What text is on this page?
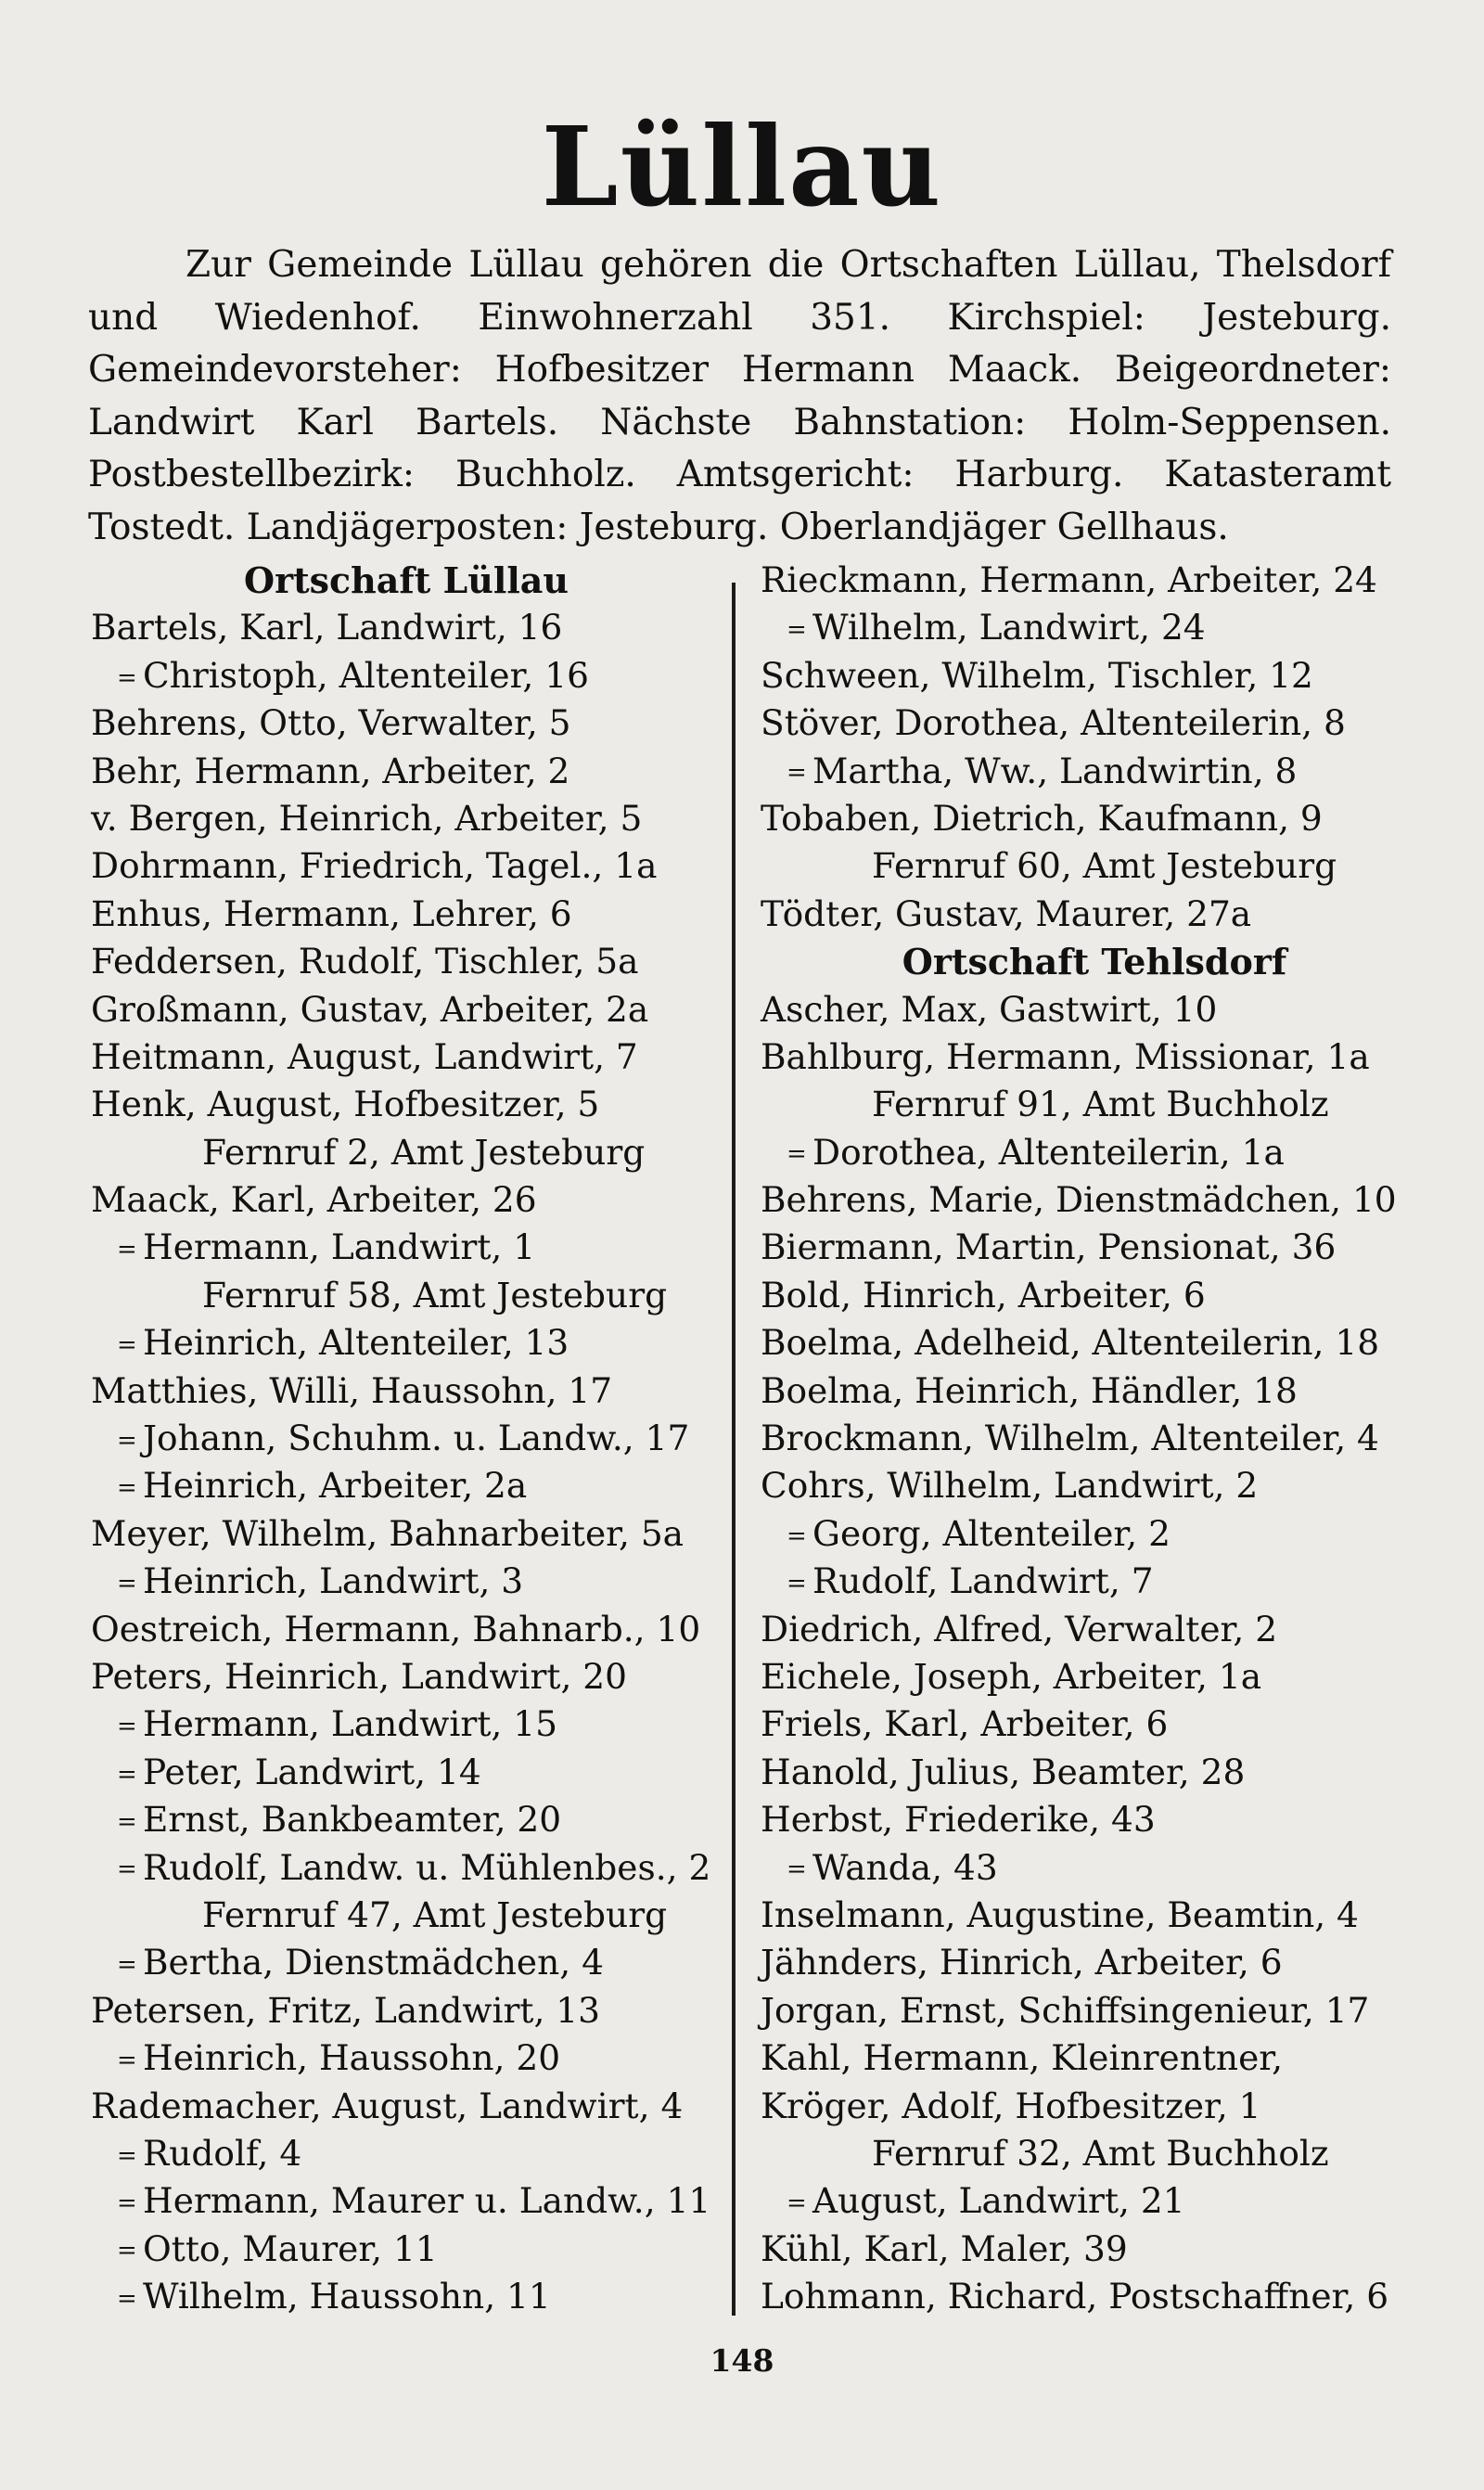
Lüllau

Zur Gemeinde Lüllau gehören die Ortschaften Lüllau, Thelsdorf und Wiedenhof. Einwohnerzahl 351. Kirchspiel: Jesteburg. Gemeindevorsteher: Hofbesitzer Hermann Maack. Beigeordneter: Landwirt Karl Bartels. Nächste Bahnstation: Holm-Seppensen. Postbestellbezirk: Buchholz. Amtsgericht: Harburg. Katasteramt Tostedt. Landjägerposten: Jesteburg. Oberlandjäger Gellhaus.

Ortschaft Lüllau
Bartels, Karl, Landwirt, 16
= Christoph, Altenteiler, 16
Behrens, Otto, Verwalter, 5
Behr, Hermann, Arbeiter, 2
v. Bergen, Heinrich, Arbeiter, 5
Dohrmann, Friedrich, Tagel., 1a
Enhus, Hermann, Lehrer, 6
Feddersen, Rudolf, Tischler, 5a
Großmann, Gustav, Arbeiter, 2a
Heitmann, August, Landwirt, 7
Henk, August, Hofbesitzer, 5
Fernruf 2, Amt Jesteburg
Maack, Karl, Arbeiter, 26
= Hermann, Landwirt, 1
Fernruf 58, Amt Jesteburg
= Heinrich, Altenteiler, 13
Matthies, Willi, Haussohn, 17
= Johann, Schuhm. u. Landw., 17
= Heinrich, Arbeiter, 2a
Meyer, Wilhelm, Bahnarbeiter, 5a
= Heinrich, Landwirt, 3
Oestreich, Hermann, Bahnarb., 10
Peters, Heinrich, Landwirt, 20
= Hermann, Landwirt, 15
= Peter, Landwirt, 14
= Ernst, Bankbeamter, 20
= Rudolf, Landw. u. Mühlenbes., 2
Fernruf 47, Amt Jesteburg
= Bertha, Dienstmädchen, 4
Petersen, Fritz, Landwirt, 13
= Heinrich, Haussohn, 20
Rademacher, August, Landwirt, 4
= Rudolf, 4
= Hermann, Maurer u. Landw., 11
= Otto, Maurer, 11
= Wilhelm, Haussohn, 11
Rieckmann, Hermann, Arbeiter, 24
= Wilhelm, Landwirt, 24
Schween, Wilhelm, Tischler, 12
Stöver, Dorothea, Altenteilerin, 8
= Martha, Ww., Landwirtin, 8
Tobaben, Dietrich, Kaufmann, 9
Fernruf 60, Amt Jesteburg
Tödter, Gustav, Maurer, 27a
Ortschaft Tehlsdorf
Ascher, Max, Gastwirt, 10
Bahlburg, Hermann, Missionar, 1a
Fernruf 91, Amt Buchholz
= Dorothea, Altenteilerin, 1a
Behrens, Marie, Dienstmädchen, 10
Biermann, Martin, Pensionat, 36
Bold, Hinrich, Arbeiter, 6
Boelma, Adelheid, Altenteilerin, 18
Boelma, Heinrich, Händler, 18
Brockmann, Wilhelm, Altenteiler, 4
Cohrs, Wilhelm, Landwirt, 2
= Georg, Altenteiler, 2
= Rudolf, Landwirt, 7
Diedrich, Alfred, Verwalter, 2
Eichele, Joseph, Arbeiter, 1a
Friels, Karl, Arbeiter, 6
Hanold, Julius, Beamter, 28
Herbst, Friederike, 43
= Wanda, 43
Inselmann, Augustine, Beamtin, 4
Jähnders, Hinrich, Arbeiter, 6
Jorgan, Ernst, Schiffsingenieur, 17
Kahl, Hermann, Kleinrentner,
Kröger, Adolf, Hofbesitzer, 1
Fernruf 32, Amt Buchholz
= August, Landwirt, 21
Kühl, Karl, Maler, 39
Lohmann, Richard, Postschaffner, 6
148
